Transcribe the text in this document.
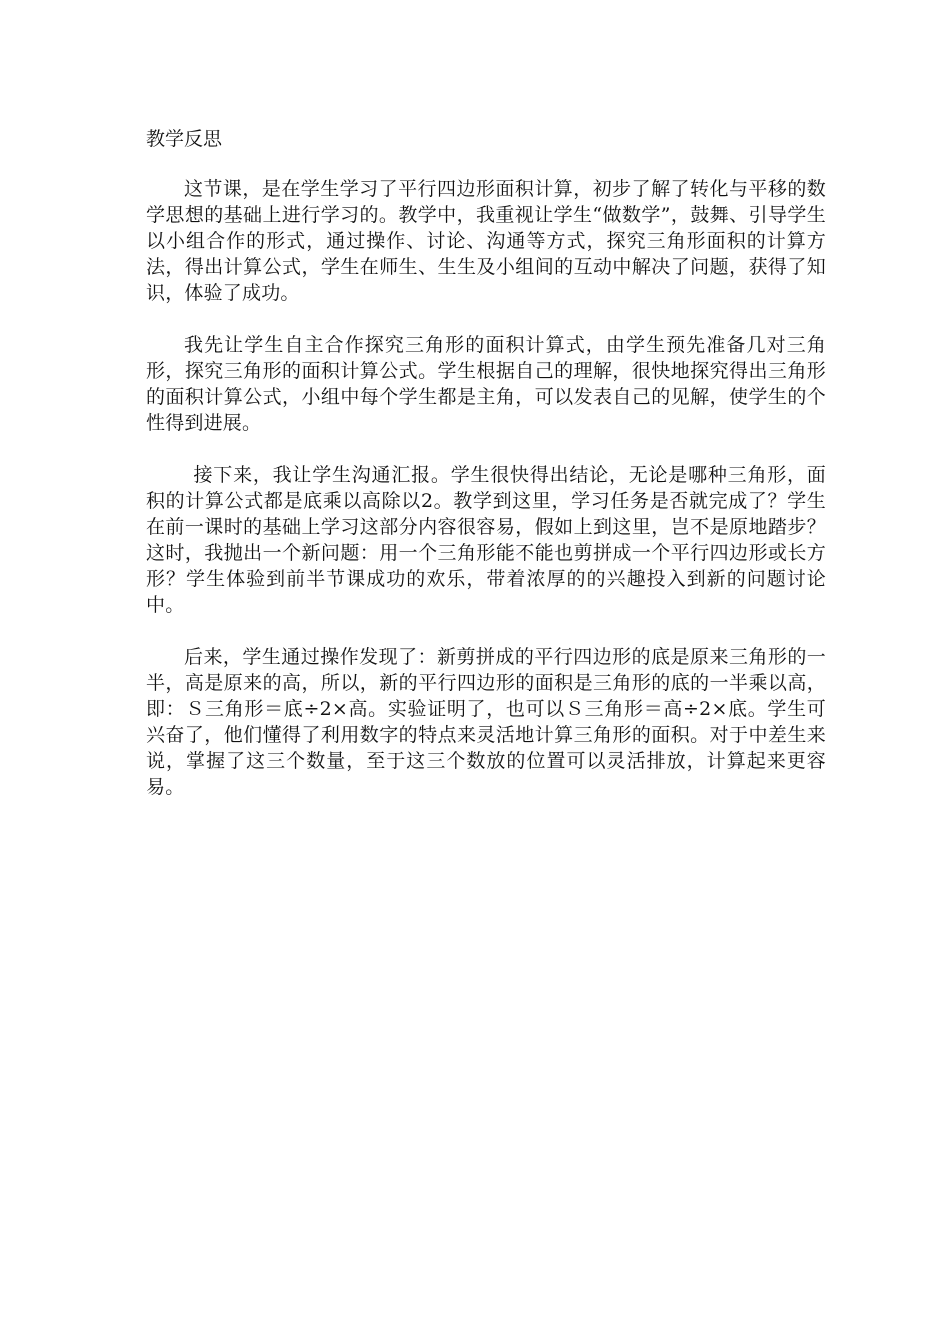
教学反思

这节课，是在学生学习了平行四边形面积计算，初步了解了转化与平移的数学思想的基础上进行学习的。教学中，我重视让学生“做数学”，鼓舞、引导学生以小组合作的形式，通过操作、讨论、沟通等方式，探究三角形面积的计算方法，得出计算公式，学生在师生、生生及小组间的互动中解决了问题，获得了知识，体验了成功。

我先让学生自主合作探究三角形的面积计算式，由学生预先准备几对三角形，探究三角形的面积计算公式。学生根据自己的理解，很快地探究得出三角形的面积计算公式，小组中每个学生都是主角，可以发表自己的见解，使学生的个性得到进展。

接下来，我让学生沟通汇报。学生很快得出结论，无论是哪种三角形，面积的计算公式都是底乘以高除以2。教学到这里，学习任务是否就完成了？学生在前一课时的基础上学习这部分内容很容易，假如上到这里，岂不是原地踏步？这时，我抛出一个新问题：用一个三角形能不能也剪拼成一个平行四边形或长方形？学生体验到前半节课成功的欢乐，带着浓厚的的兴趣投入到新的问题讨论中。

后来，学生通过操作发现了：新剪拼成的平行四边形的底是原来三角形的一半，高是原来的高，所以，新的平行四边形的面积是三角形的底的一半乘以高，即：Ｓ三角形＝底÷2×高。实验证明了，也可以Ｓ三角形＝高÷2×底。学生可兴奋了，他们懂得了利用数字的特点来灵活地计算三角形的面积。对于中差生来说，掌握了这三个数量，至于这三个数放的位置可以灵活排放，计算起来更容易。
